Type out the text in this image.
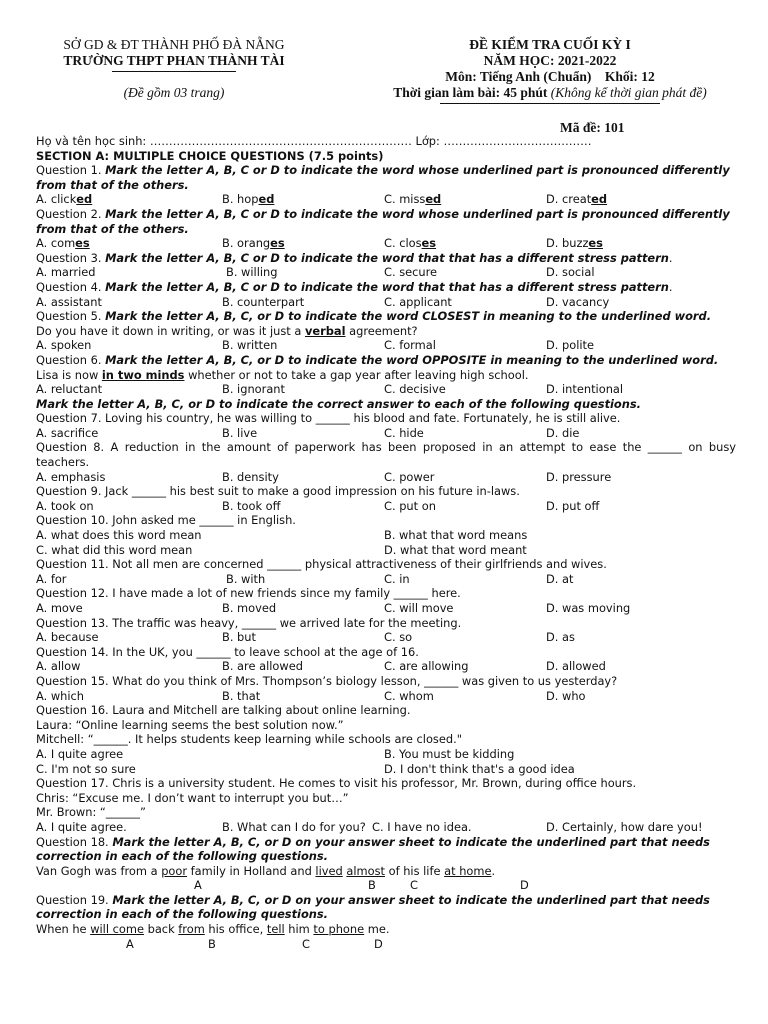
SỞ GD & ĐT THÀNH PHỐ ĐÀ NẴNG
TRƯỜNG THPT PHAN THÀNH TÀI
(Đề gồm 03 trang)
ĐỀ KIỂM TRA CUỐI KỲ I
NĂM HỌC: 2021-2022
Môn: Tiếng Anh (Chuẩn) Khối: 12
Thời gian làm bài: 45 phút (Không kể thời gian phát đề)
Mã đề: 101
Họ và tên học sinh: …………………………………………………………… Lớp: …………………………………
SECTION A: MULTIPLE CHOICE QUESTIONS (7.5 points)
Question 1. Mark the letter A, B, C or D to indicate the word whose underlined part is pronounced differently from that of the others.
A. clicked	B. hoped	C. missed	D. created
Question 2. Mark the letter A, B, C or D to indicate the word whose underlined part is pronounced differently from that of the others.
A. comes	B. oranges	C. closes	D. buzzes
Question 3. Mark the letter A, B, C or D to indicate the word that that has a different stress pattern.
A. married	B. willing	C. secure	D. social
Question 4. Mark the letter A, B, C or D to indicate the word that that has a different stress pattern.
A. assistant	B. counterpart	C. applicant	D. vacancy
Question 5. Mark the letter A, B, C, or D to indicate the word CLOSEST in meaning to the underlined word.
Do you have it down in writing, or was it just a verbal agreement?
A. spoken	B. written	C. formal	D. polite
Question 6. Mark the letter A, B, C, or D to indicate the word OPPOSITE in meaning to the underlined word.
Lisa is now in two minds whether or not to take a gap year after leaving high school.
A. reluctant	B. ignorant	C. decisive	D. intentional
Mark the letter A, B, C, or D to indicate the correct answer to each of the following questions.
Question 7. Loving his country, he was willing to ______ his blood and fate. Fortunately, he is still alive.
A. sacrifice	B. live	C. hide	D. die
Question 8. A reduction in the amount of paperwork has been proposed in an attempt to ease the ______ on busy teachers.
A. emphasis	B. density	C. power	D. pressure
Question 9. Jack ______ his best suit to make a good impression on his future in-laws.
A. took on	B. took off	C. put on	D. put off
Question 10. John asked me ______ in English.
A. what does this word mean	B. what that word means
C. what did this word mean	D. what that word meant
Question 11. Not all men are concerned ______ physical attractiveness of their girlfriends and wives.
A. for	B. with	C. in	D. at
Question 12. I have made a lot of new friends since my family ______ here.
A. move	B. moved	C. will move	D. was moving
Question 13. The traffic was heavy, ______ we arrived late for the meeting.
A. because	B. but	C. so	D. as
Question 14. In the UK, you ______ to leave school at the age of 16.
A. allow	B. are allowed	C. are allowing	D. allowed
Question 15. What do you think of Mrs. Thompson’s biology lesson, ______ was given to us yesterday?
A. which	B. that	C. whom	D. who
Question 16. Laura and Mitchell are talking about online learning.
Laura: “Online learning seems the best solution now.”
Mitchell: “______. It helps students keep learning while schools are closed."
A. I quite agree	B. You must be kidding
C. I'm not so sure	D. I don't think that's a good idea
Question 17. Chris is a university student. He comes to visit his professor, Mr. Brown, during office hours.
Chris: “Excuse me. I don’t want to interrupt you but…”
Mr. Brown: “______”
A. I quite agree.	B. What can I do for you? C. I have no idea.	D. Certainly, how dare you!
Question 18. Mark the letter A, B, C, or D on your answer sheet to indicate the underlined part that needs correction in each of the following questions.
Van Gogh was from a poor family in Holland and lived almost of his life at home.
A	B	C	D
Question 19. Mark the letter A, B, C, or D on your answer sheet to indicate the underlined part that needs correction in each of the following questions.
When he will come back from his office, tell him to phone me.
A	B	C	D
